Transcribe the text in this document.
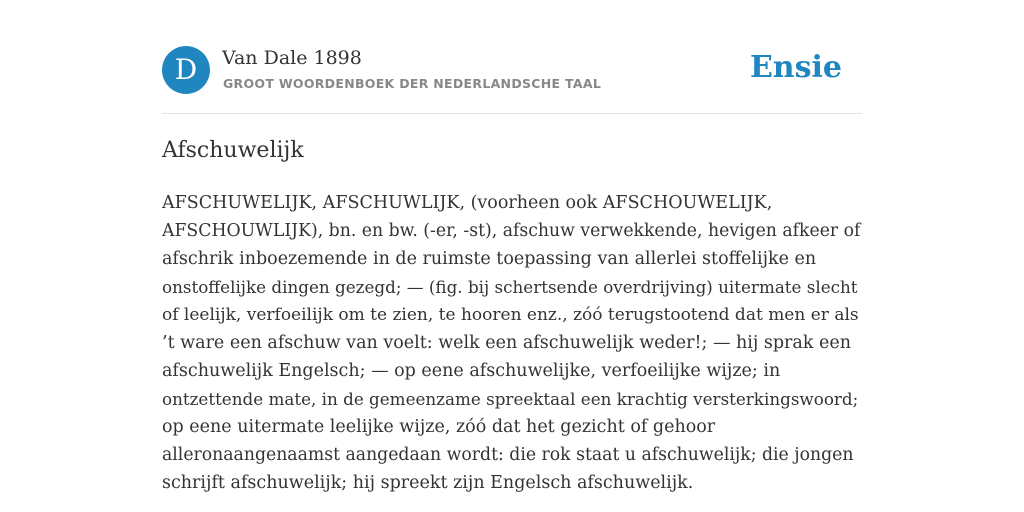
D	Van Dale 1898
GROOT WOORDENBOEK DER NEDERLANDSCHE TAAL	Ensie
Afschuwelijk
AFSCHUWELIJK, AFSCHUWLIJK, (voorheen ook AFSCHOUWELIJK,
AFSCHOUWLIJK), bn. en bw. (-er, -st), afschuw verwekkende, hevigen afkeer of
afschrik inboezemende in de ruimste toepassing van allerlei stoffelijke en
onstoffelijke dingen gezegd; — (fig. bij schertsende overdrijving) uitermate slecht
of leelijk, verfoeilijk om te zien, te hooren enz., zóó terugstootend dat men er als
’t ware een afschuw van voelt: welk een afschuwelijk weder!; — hij sprak een
afschuwelijk Engelsch; — op eene afschuwelijke, verfoeilijke wijze; in
ontzettende mate, in de gemeenzame spreektaal een krachtig versterkingswoord;
op eene uitermate leelijke wijze, zóó dat het gezicht of gehoor
alleronaangenaamst aangedaan wordt: die rok staat u afschuwelijk; die jongen
schrijft afschuwelijk; hij spreekt zijn Engelsch afschuwelijk.
